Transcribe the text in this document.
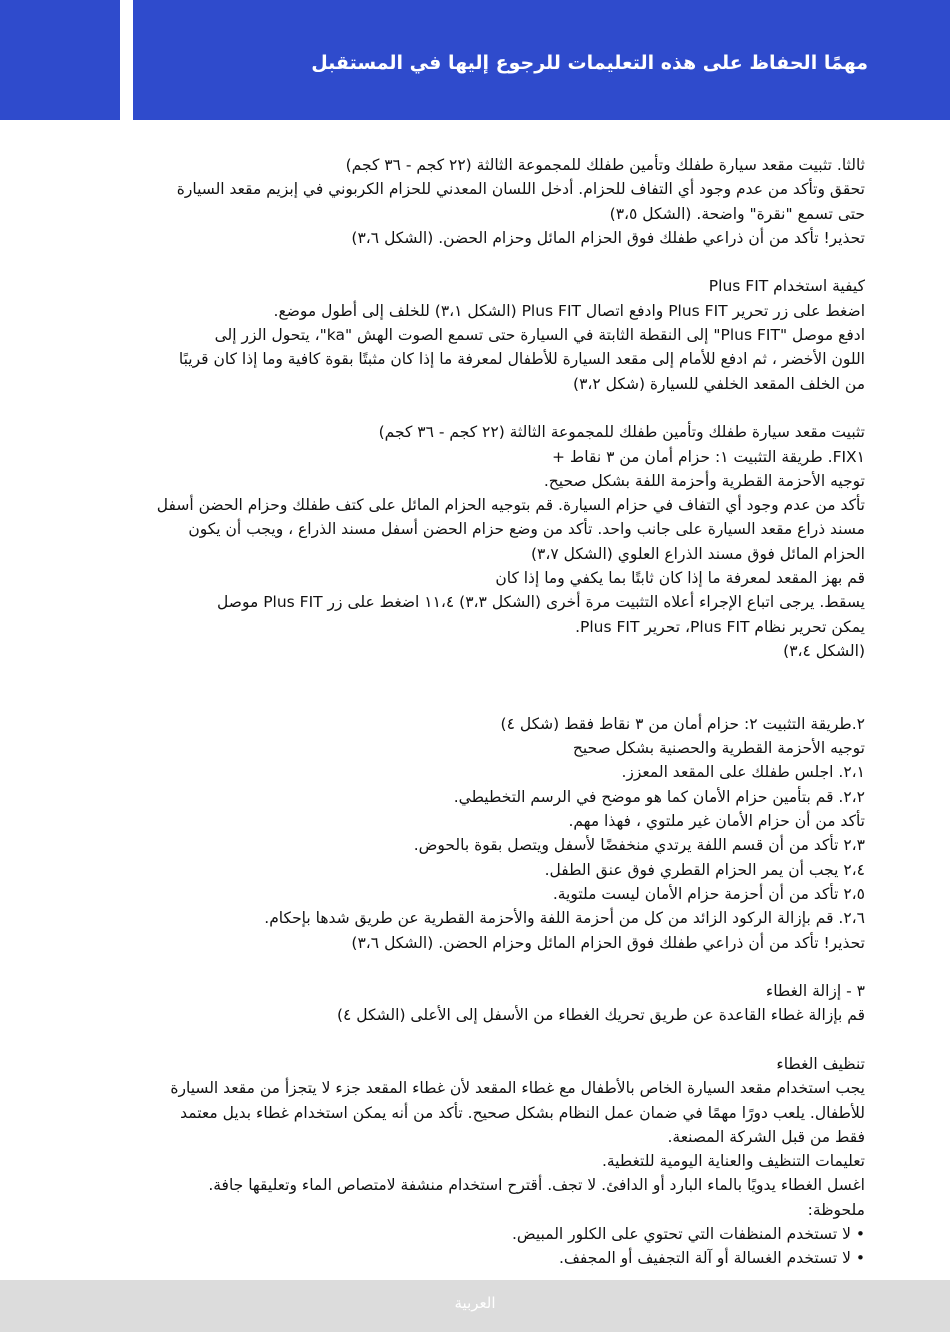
مهمًا الحفاظ على هذه التعليمات للرجوع إليها في المستقبل

ثالثا. تثبيت مقعد سيارة طفلك وتأمين طفلك للمجموعة الثالثة (٢٢ كجم - ٣٦ كجم)

تحقق وتأكد من عدم وجود أي التفاف للحزام. أدخل اللسان المعدني للحزام الكربوني في إبزيم مقعد السيارة

حتى تسمع "نقرة" واضحة. (الشكل ٣،٥)

تحذير! تأكد من أن ذراعي طفلك فوق الحزام المائل وحزام الحضن. (الشكل ٣،٦)

كيفية استخدام Plus FIT

اضغط على زر تحرير Plus FIT وادفع اتصال Plus FIT (الشكل ٣،١) للخلف إلى أطول موضع.

ادفع موصل "Plus FIT" إلى النقطة الثابتة في السيارة حتى تسمع الصوت الهش "ka"، يتحول الزر إلى

اللون الأخضر ، ثم ادفع للأمام إلى مقعد السيارة للأطفال لمعرفة ما إذا كان مثبتًا بقوة كافية وما إذا كان قريبًا

من الخلف المقعد الخلفي للسيارة (شكل ٣،٢)

تثبيت مقعد سيارة طفلك وتأمين طفلك للمجموعة الثالثة (٢٢ كجم - ٣٦ كجم)

FIX١. طريقة التثبيت ١: حزام أمان من ٣ نقاط +

توجيه الأحزمة القطرية وأحزمة اللفة بشكل صحيح.

تأكد من عدم وجود أي التفاف في حزام السيارة. قم بتوجيه الحزام المائل على كتف طفلك وحزام الحضن أسفل

مسند ذراع مقعد السيارة على جانب واحد. تأكد من وضع حزام الحضن أسفل مسند الذراع ، ويجب أن يكون

الحزام المائل فوق مسند الذراع العلوي (الشكل ٣،٧)

قم بهز المقعد لمعرفة ما إذا كان ثابتًا بما يكفي وما إذا كان

يسقط. يرجى اتباع الإجراء أعلاه التثبيت مرة أخرى (الشكل ٣،٣) ١١،٤ اضغط على زر Plus FIT موصل

يمكن تحرير نظام Plus FIT، تحرير Plus FIT.

(الشكل ٣،٤)

٢.طريقة التثبيت ٢: حزام أمان من ٣ نقاط فقط (شكل ٤)

توجيه الأحزمة القطرية والحصنية بشكل صحيح

٢،١. اجلس طفلك على المقعد المعزز.

٢،٢. قم بتأمين حزام الأمان كما هو موضح في الرسم التخطيطي.

تأكد من أن حزام الأمان غير ملتوي ، فهذا مهم.

٢،٣ تأكد من أن قسم اللفة يرتدي منخفضًا لأسفل ويتصل بقوة بالحوض.

٢،٤ يجب أن يمر الحزام القطري فوق عنق الطفل.

٢،٥ تأكد من أن أحزمة حزام الأمان ليست ملتوية.

٢،٦. قم بإزالة الركود الزائد من كل من أحزمة اللفة والأحزمة القطرية عن طريق شدها بإحكام.

تحذير! تأكد من أن ذراعي طفلك فوق الحزام المائل وحزام الحضن. (الشكل ٣،٦)

٣ - إزالة الغطاء

قم بإزالة غطاء القاعدة عن طريق تحريك الغطاء من الأسفل إلى الأعلى (الشكل ٤)

تنظيف الغطاء

يجب استخدام مقعد السيارة الخاص بالأطفال مع غطاء المقعد لأن غطاء المقعد جزء لا يتجزأ من مقعد السيارة

للأطفال. يلعب دورًا مهمًا في ضمان عمل النظام بشكل صحيح. تأكد من أنه يمكن استخدام غطاء بديل معتمد

فقط من قبل الشركة المصنعة.

تعليمات التنظيف والعناية اليومية للتغطية.

اغسل الغطاء يدويًا بالماء البارد أو الدافئ. لا تجف. أقترح استخدام منشفة لامتصاص الماء وتعليقها جافة.

ملحوظة:

• لا تستخدم المنظفات التي تحتوي على الكلور المبيض.

• لا تستخدم الغسالة أو آلة التجفيف أو المجفف.

العربية
